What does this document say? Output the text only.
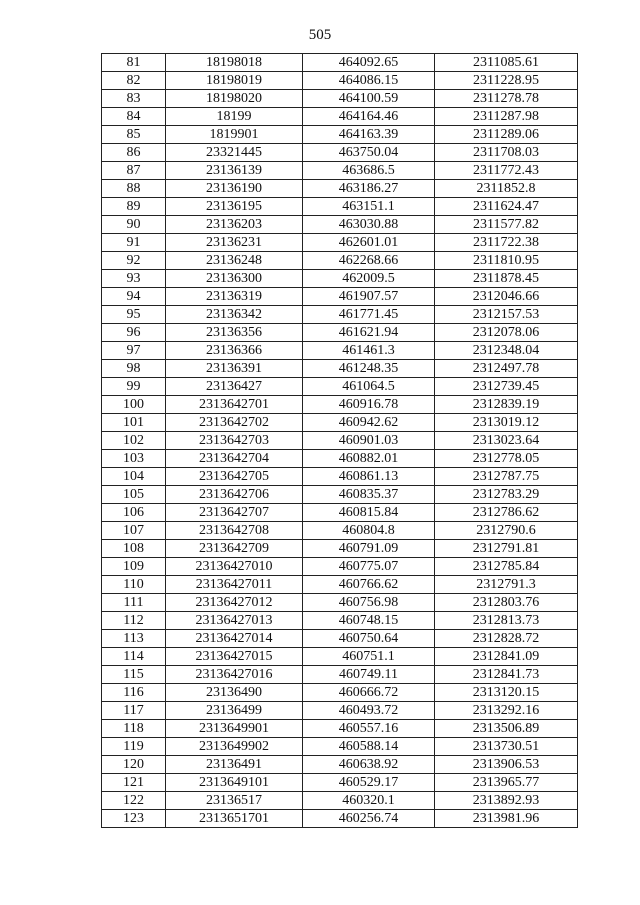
505
81	18198018	464092.65	2311085.61
82	18198019	464086.15	2311228.95
83	18198020	464100.59	2311278.78
84	18199	464164.46	2311287.98
85	1819901	464163.39	2311289.06
86	23321445	463750.04	2311708.03
87	23136139	463686.5	2311772.43
88	23136190	463186.27	2311852.8
89	23136195	463151.1	2311624.47
90	23136203	463030.88	2311577.82
91	23136231	462601.01	2311722.38
92	23136248	462268.66	2311810.95
93	23136300	462009.5	2311878.45
94	23136319	461907.57	2312046.66
95	23136342	461771.45	2312157.53
96	23136356	461621.94	2312078.06
97	23136366	461461.3	2312348.04
98	23136391	461248.35	2312497.78
99	23136427	461064.5	2312739.45
100	2313642701	460916.78	2312839.19
101	2313642702	460942.62	2313019.12
102	2313642703	460901.03	2313023.64
103	2313642704	460882.01	2312778.05
104	2313642705	460861.13	2312787.75
105	2313642706	460835.37	2312783.29
106	2313642707	460815.84	2312786.62
107	2313642708	460804.8	2312790.6
108	2313642709	460791.09	2312791.81
109	23136427010	460775.07	2312785.84
110	23136427011	460766.62	2312791.3
111	23136427012	460756.98	2312803.76
112	23136427013	460748.15	2312813.73
113	23136427014	460750.64	2312828.72
114	23136427015	460751.1	2312841.09
115	23136427016	460749.11	2312841.73
116	23136490	460666.72	2313120.15
117	23136499	460493.72	2313292.16
118	2313649901	460557.16	2313506.89
119	2313649902	460588.14	2313730.51
120	23136491	460638.92	2313906.53
121	2313649101	460529.17	2313965.77
122	23136517	460320.1	2313892.93
123	2313651701	460256.74	2313981.96
